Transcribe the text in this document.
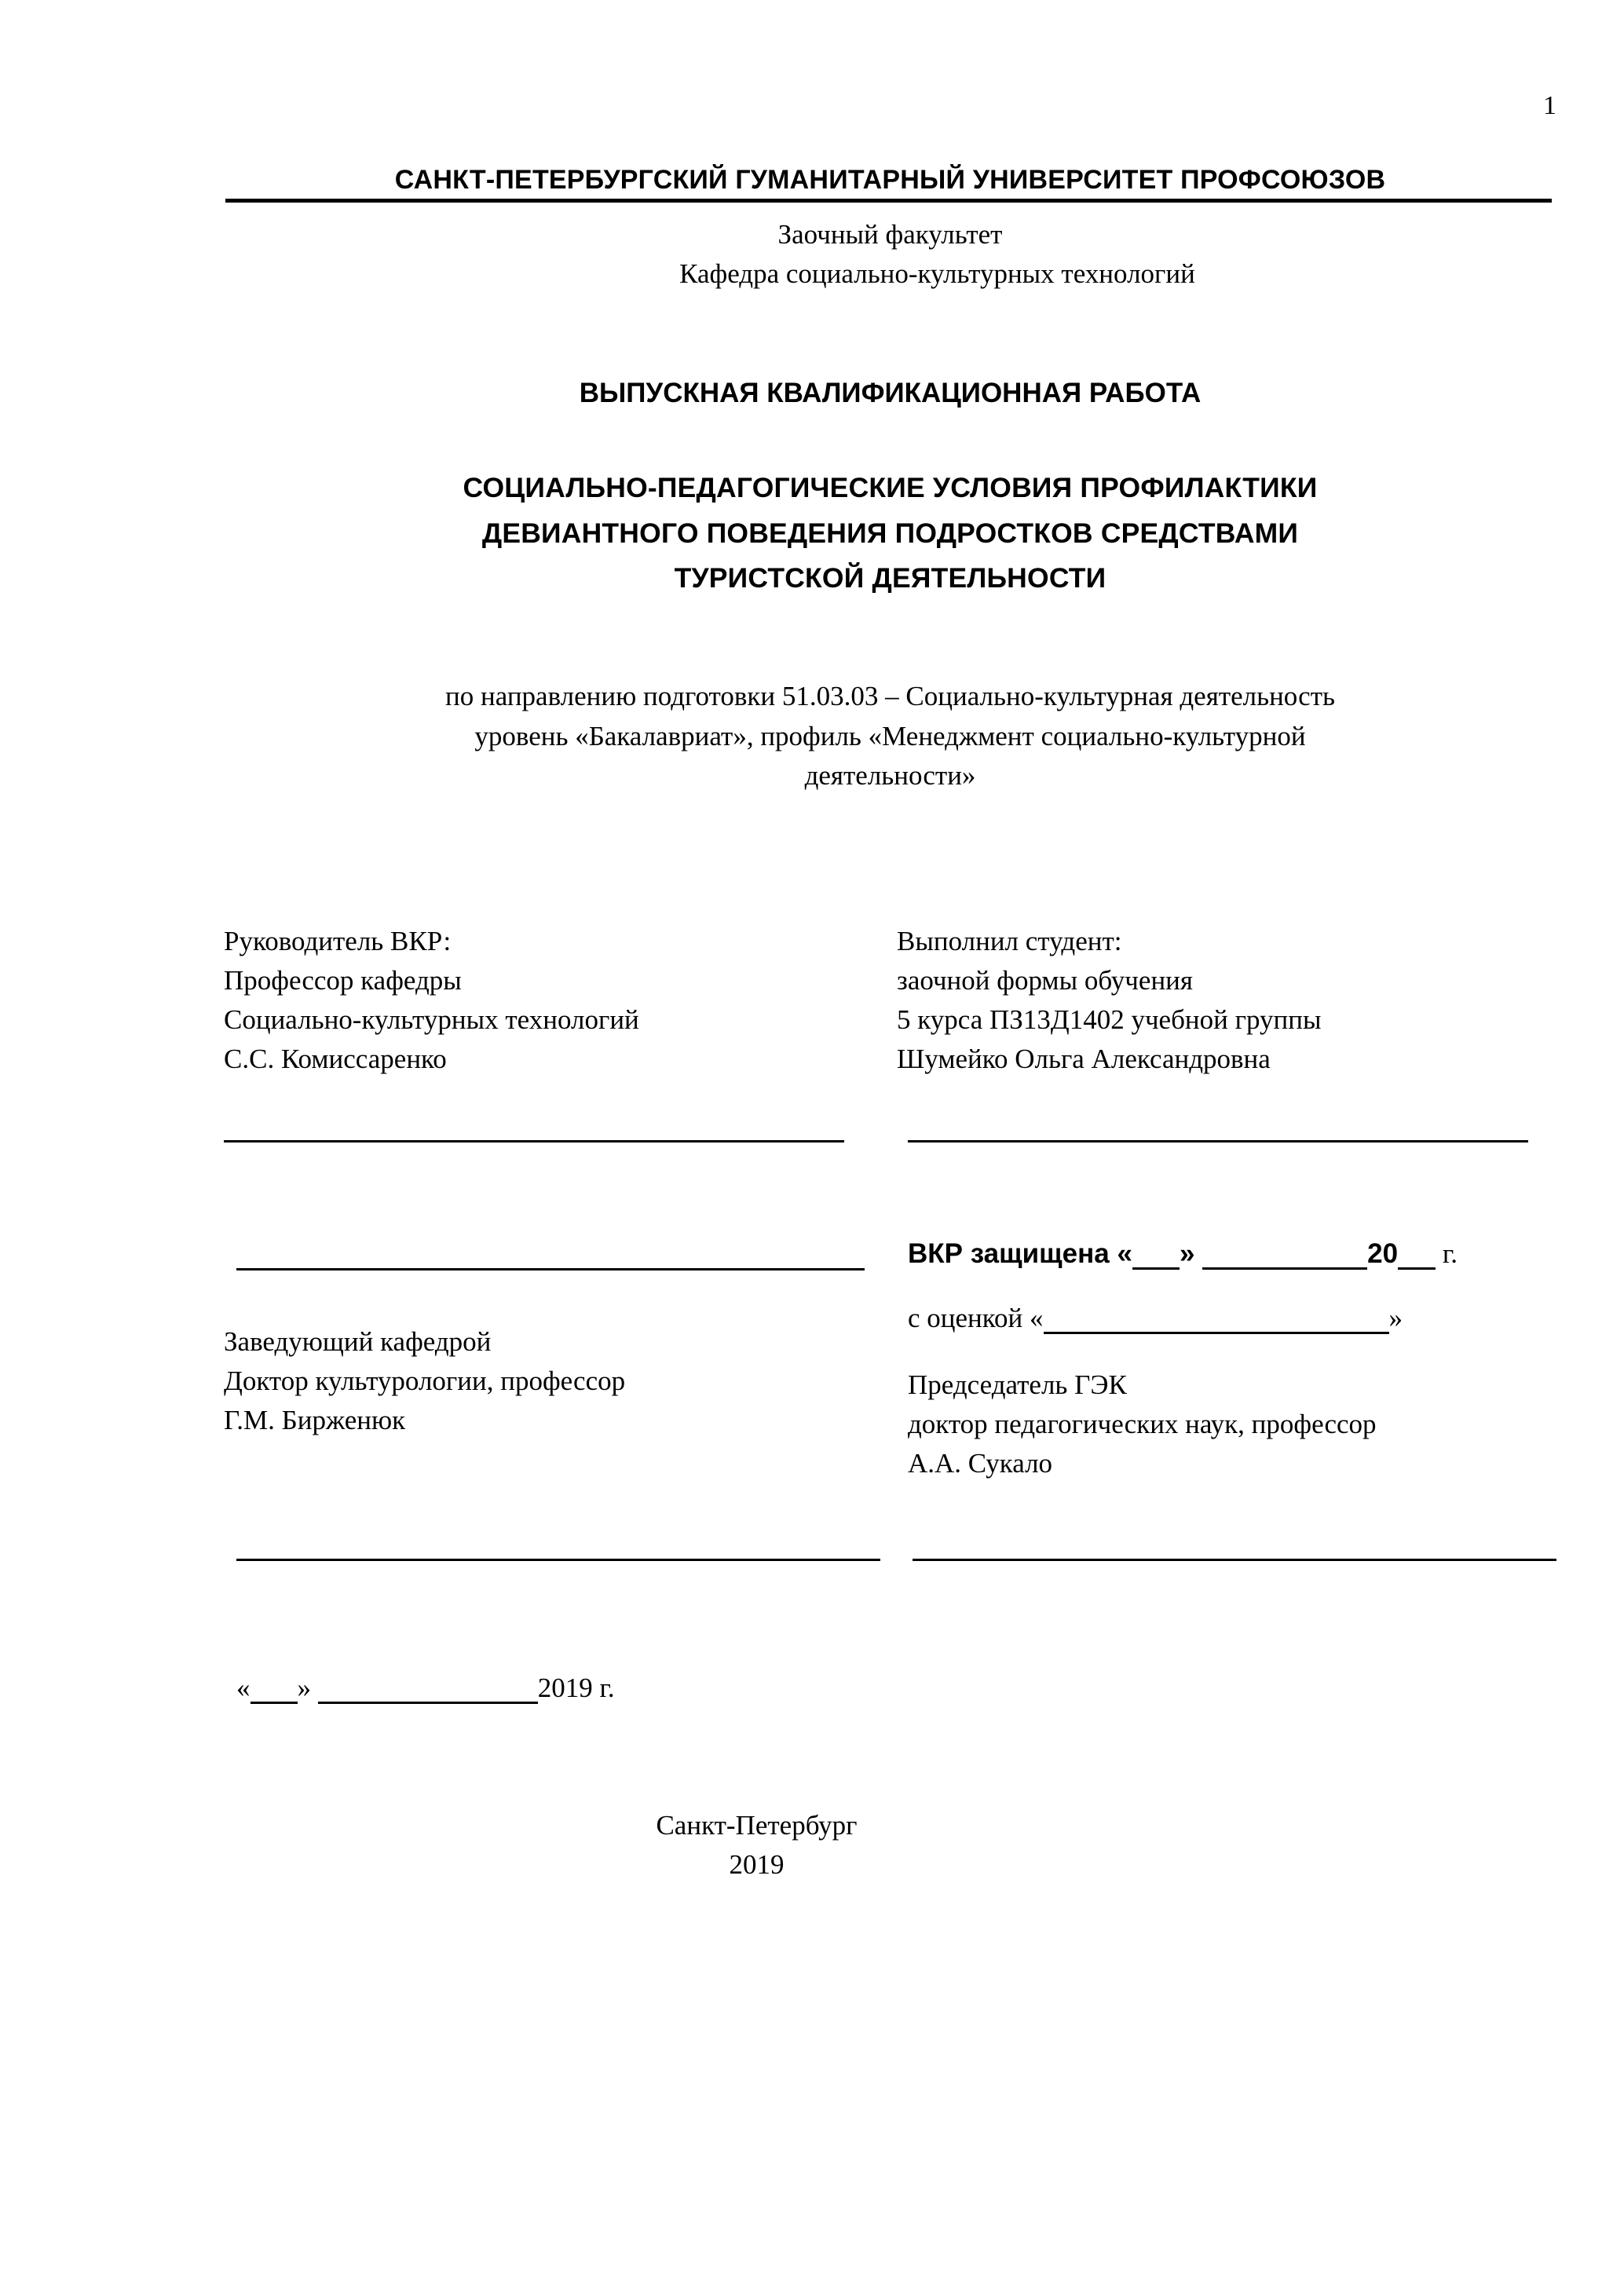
1
САНКТ-ПЕТЕРБУРГСКИЙ ГУМАНИТАРНЫЙ УНИВЕРСИТЕТ ПРОФСОЮЗОВ
Заочный факультет
Кафедра социально-культурных технологий
ВЫПУСКНАЯ КВАЛИФИКАЦИОННАЯ РАБОТА
СОЦИАЛЬНО-ПЕДАГОГИЧЕСКИЕ УСЛОВИЯ ПРОФИЛАКТИКИ
ДЕВИАНТНОГО ПОВЕДЕНИЯ ПОДРОСТКОВ СРЕДСТВАМИ
ТУРИСТСКОЙ ДЕЯТЕЛЬНОСТИ
по направлению подготовки 51.03.03 – Социально-культурная деятельность
уровень «Бакалавриат», профиль «Менеджмент социально-культурной
деятельности»
Руководитель ВКР:
Профессор кафедры
Социально-культурных технологий
С.С. Комиссаренко
Заведующий кафедрой
Доктор культурологии, профессор
Г.М. Бирженюк
Выполнил студент:
заочной формы обучения
5 курса ПЗ13Д1402 учебной группы
Шумейко Ольга Александровна
ВКР защищена « »	20 г.
с оценкой «	»
Председатель ГЭК
доктор педагогических наук, профессор
А.А. Сукало
« »	2019 г.
Санкт-Петербург
2019
